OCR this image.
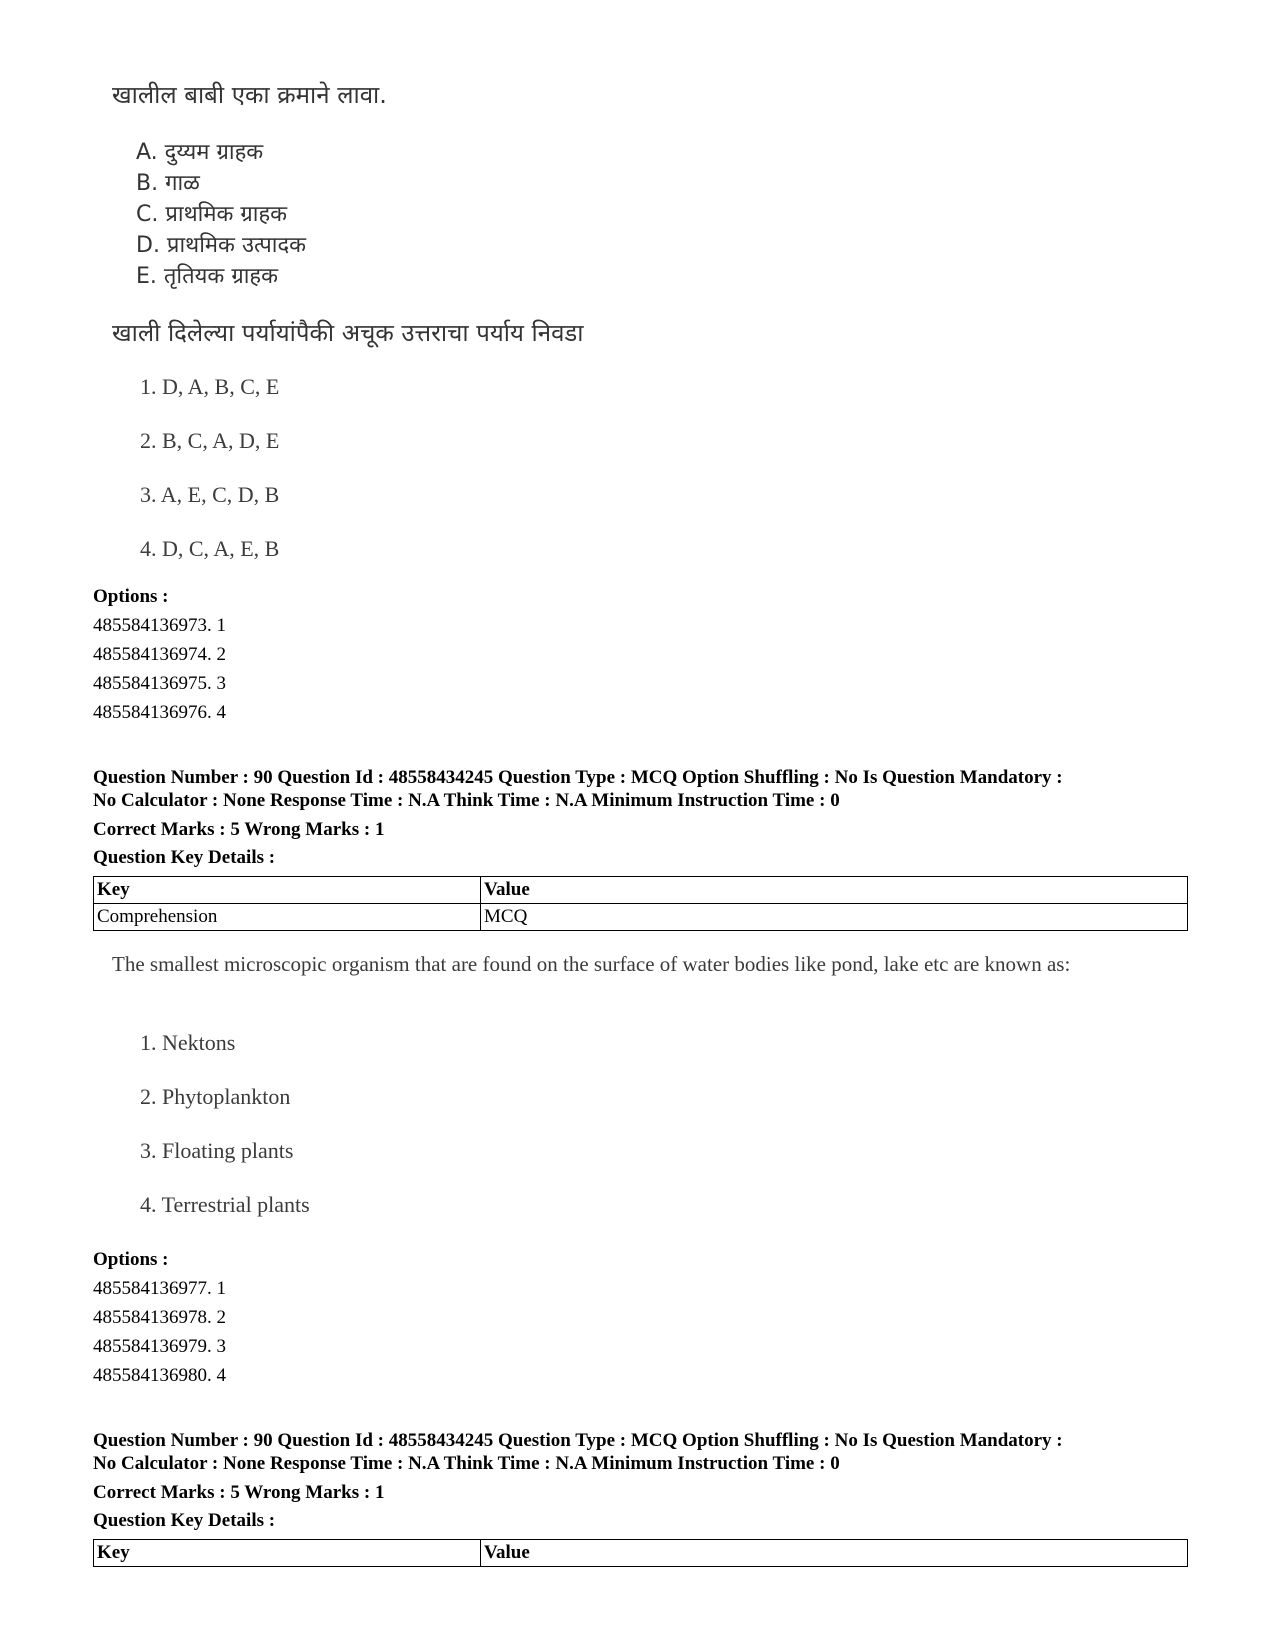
खालील बाबी एका क्रमाने लावा.
A. दुय्यम ग्राहक
B. गाळ
C. प्राथमिक ग्राहक
D. प्राथमिक उत्पादक
E. तृतियक ग्राहक
खाली दिलेल्या पर्यायांपैकी अचूक उत्तराचा पर्याय निवडा
1. D, A, B, C, E
2. B, C, A, D, E
3. A, E, C, D, B
4. D, C, A, E, B
Options :
485584136973. 1
485584136974. 2
485584136975. 3
485584136976. 4
Question Number : 90 Question Id : 48558434245 Question Type : MCQ Option Shuffling : No Is Question Mandatory :
No Calculator : None Response Time : N.A Think Time : N.A Minimum Instruction Time : 0
Correct Marks : 5 Wrong Marks : 1
Question Key Details :
Key	Value
Comprehension	MCQ
The smallest microscopic organism that are found on the surface of water bodies like pond, lake etc are known as:
1. Nektons
2. Phytoplankton
3. Floating plants
4. Terrestrial plants
Options :
485584136977. 1
485584136978. 2
485584136979. 3
485584136980. 4
Question Number : 90 Question Id : 48558434245 Question Type : MCQ Option Shuffling : No Is Question Mandatory :
No Calculator : None Response Time : N.A Think Time : N.A Minimum Instruction Time : 0
Correct Marks : 5 Wrong Marks : 1
Question Key Details :
Key	Value
